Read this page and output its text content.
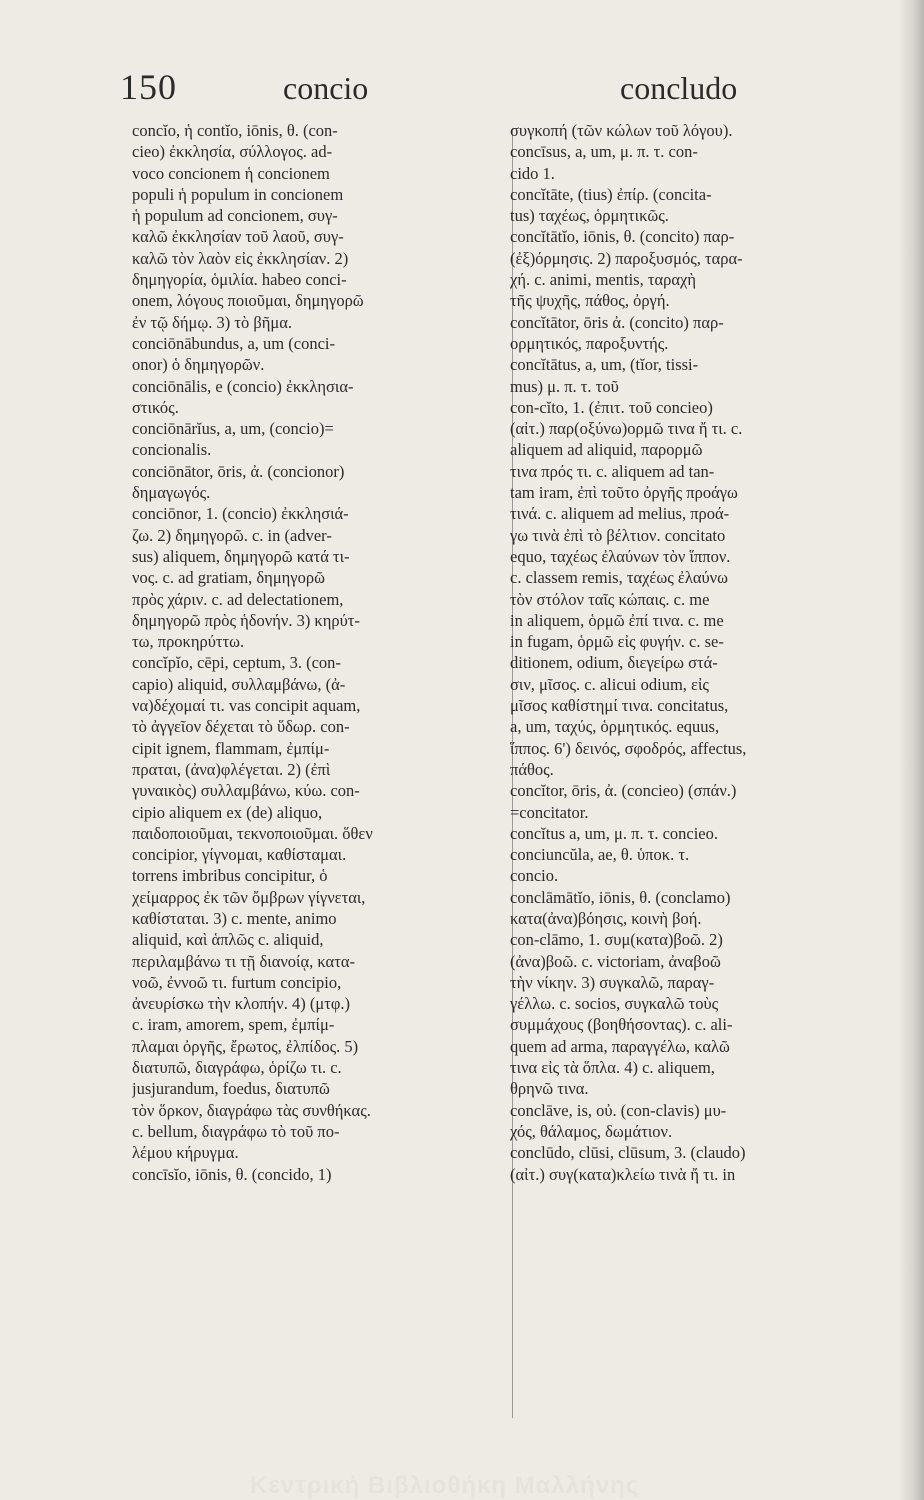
150	concio	concludo
concĭo, ἡ contĭo, iōnis, θ. (con-
cieo) ἐκκλησία, σύλλογος. ad-
voco concionem ἡ concionem
populi ἡ populum in concionem
ἡ populum ad concionem, συγ-
καλῶ ἐκκλησίαν τοῦ λαοῦ, συγ-
καλῶ τὸν λαὸν εἰς ἐκκλησίαν. 2)
δημηγορία, ὁμιλία. habeo conci-
onem, λόγους ποιοῦμαι, δημηγορῶ
ἐν τῷ δήμῳ. 3) τὸ βῆμα.
conciōnābundus, a, um (conci-
onor) ὁ δημηγορῶν.
conciōnālis, e (concio) ἐκκλησια-
στικός.
conciōnārĭus, a, um, (concio)=
concionalis.
conciōnātor, ōris, ἀ. (concionor)
δημαγωγός.
conciōnor, 1. (concio) ἐκκλησιά-
ζω. 2) δημηγορῶ. c. in (adver-
sus) aliquem, δημηγορῶ κατά τι-
νος. c. ad gratiam, δημηγορῶ
πρὸς χάριν. c. ad delectationem,
δημηγορῶ πρὸς ἡδονήν. 3) κηρύτ-
τω, προκηρύττω.
concĭpĭo, cēpi, ceptum, 3. (con-
capio) aliquid, συλλαμβάνω, (ἀ-
να)δέχομαί τι. vas concipit aquam,
τὸ ἀγγεῖον δέχεται τὸ ὕδωρ. con-
cipit ignem, flammam, ἐμπίμ-
πραται, (ἀνα)φλέγεται. 2) (ἐπὶ
γυναικὸς) συλλαμβάνω, κύω. con-
cipio aliquem ex (de) aliquo,
παιδοποιοῦμαι, τεκνοποιοῦμαι. ὅθεν
concipior, γίγνομαι, καθίσταμαι.
torrens imbribus concipitur, ὁ
χείμαρρος ἐκ τῶν ὄμβρων γίγνεται,
καθίσταται. 3) c. mente, animo
aliquid, καὶ ἁπλῶς c. aliquid,
περιλαμβάνω τι τῇ διανοίᾳ, κατα-
νοῶ, ἐννοῶ τι. furtum concipio,
ἀνευρίσκω τὴν κλοπήν. 4) (μτφ.)
c. iram, amorem, spem, ἐμπίμ-
πλαμαι ὀργῆς, ἔρωτος, ἐλπίδος. 5)
διατυπῶ, διαγράφω, ὁρίζω τι. c.
jusjurandum, foedus, διατυπῶ
τὸν ὅρκον, διαγράφω τὰς συνθήκας.
c. bellum, διαγράφω τὸ τοῦ πο-
λέμου κήρυγμα.
concīsĭo, iōnis, θ. (concido, 1)
συγκοπή (τῶν κώλων τοῦ λόγου).
concīsus, a, um, μ. π. τ. con-
cido 1.
concĭtāte, (tius) ἐπίρ. (concita-
tus) ταχέως, ὁρμητικῶς.
concĭtātĭo, iōnis, θ. (concito) παρ-
(ἐξ)όρμησις. 2) παροξυσμός, ταρα-
χή. c. animi, mentis, ταραχὴ
τῆς ψυχῆς, πάθος, ὀργή.
concĭtātor, ōris ἀ. (concito) παρ-
ορμητικός, παροξυντής.
concĭtātus, a, um, (tĭor, tissi-
mus) μ. π. τ. τοῦ
con-cĭto, 1. (ἐπιτ. τοῦ concieo)
(αἰτ.) παρ(οξύνω)ορμῶ τινα ἤ τι. c.
aliquem ad aliquid, παρορμῶ
τινα πρός τι. c. aliquem ad tan-
tam iram, ἐπὶ τοῦτο ὀργῆς προάγω
τινά. c. aliquem ad melius, προά-
γω τινὰ ἐπὶ τὸ βέλτιον. concitato
equo, ταχέως ἐλαύνων τὸν ἵππον.
c. classem remis, ταχέως ἐλαύνω
τὸν στόλον ταῖς κώπαις. c. me
in aliquem, ὁρμῶ ἐπί τινα. c. me
in fugam, ὁρμῶ εἰς φυγήν. c. se-
ditionem, odium, διεγείρω στά-
σιν, μῖσος. c. alicui odium, εἰς
μῖσος καθίστημί τινα. concitatus,
a, um, ταχύς, ὁρμητικός. equus,
ἵππος. 6') δεινός, σφοδρός, affectus,
πάθος.
concĭtor, ōris, ἀ. (concieo) (σπάν.)
=concitator.
concĭtus a, um, μ. π. τ. concieo.
conciuncŭla, ae, θ. ὑποκ. τ.
concio.
conclāmātĭo, iōnis, θ. (conclamo)
κατα(ἀνα)βόησις, κοινὴ βοή.
con-clāmo, 1. συμ(κατα)βοῶ. 2)
(ἀνα)βοῶ. c. victoriam, ἀναβοῶ
τὴν νίκην. 3) συγκαλῶ, παραγ-
γέλλω. c. socios, συγκαλῶ τοὺς
συμμάχους (βοηθήσοντας). c. ali-
quem ad arma, παραγγέλω, καλῶ
τινα εἰς τὰ ὅπλα. 4) c. aliquem,
θρηνῶ τινα.
conclāve, is, οὐ. (con-clavis) μυ-
χός, θάλαμος, δωμάτιον.
conclūdo, clūsi, clūsum, 3. (claudo)
(αἰτ.) συγ(κατα)κλείω τινὰ ἤ τι. in
Κεντρική Βιβλιοθήκη Μαλλήνης
